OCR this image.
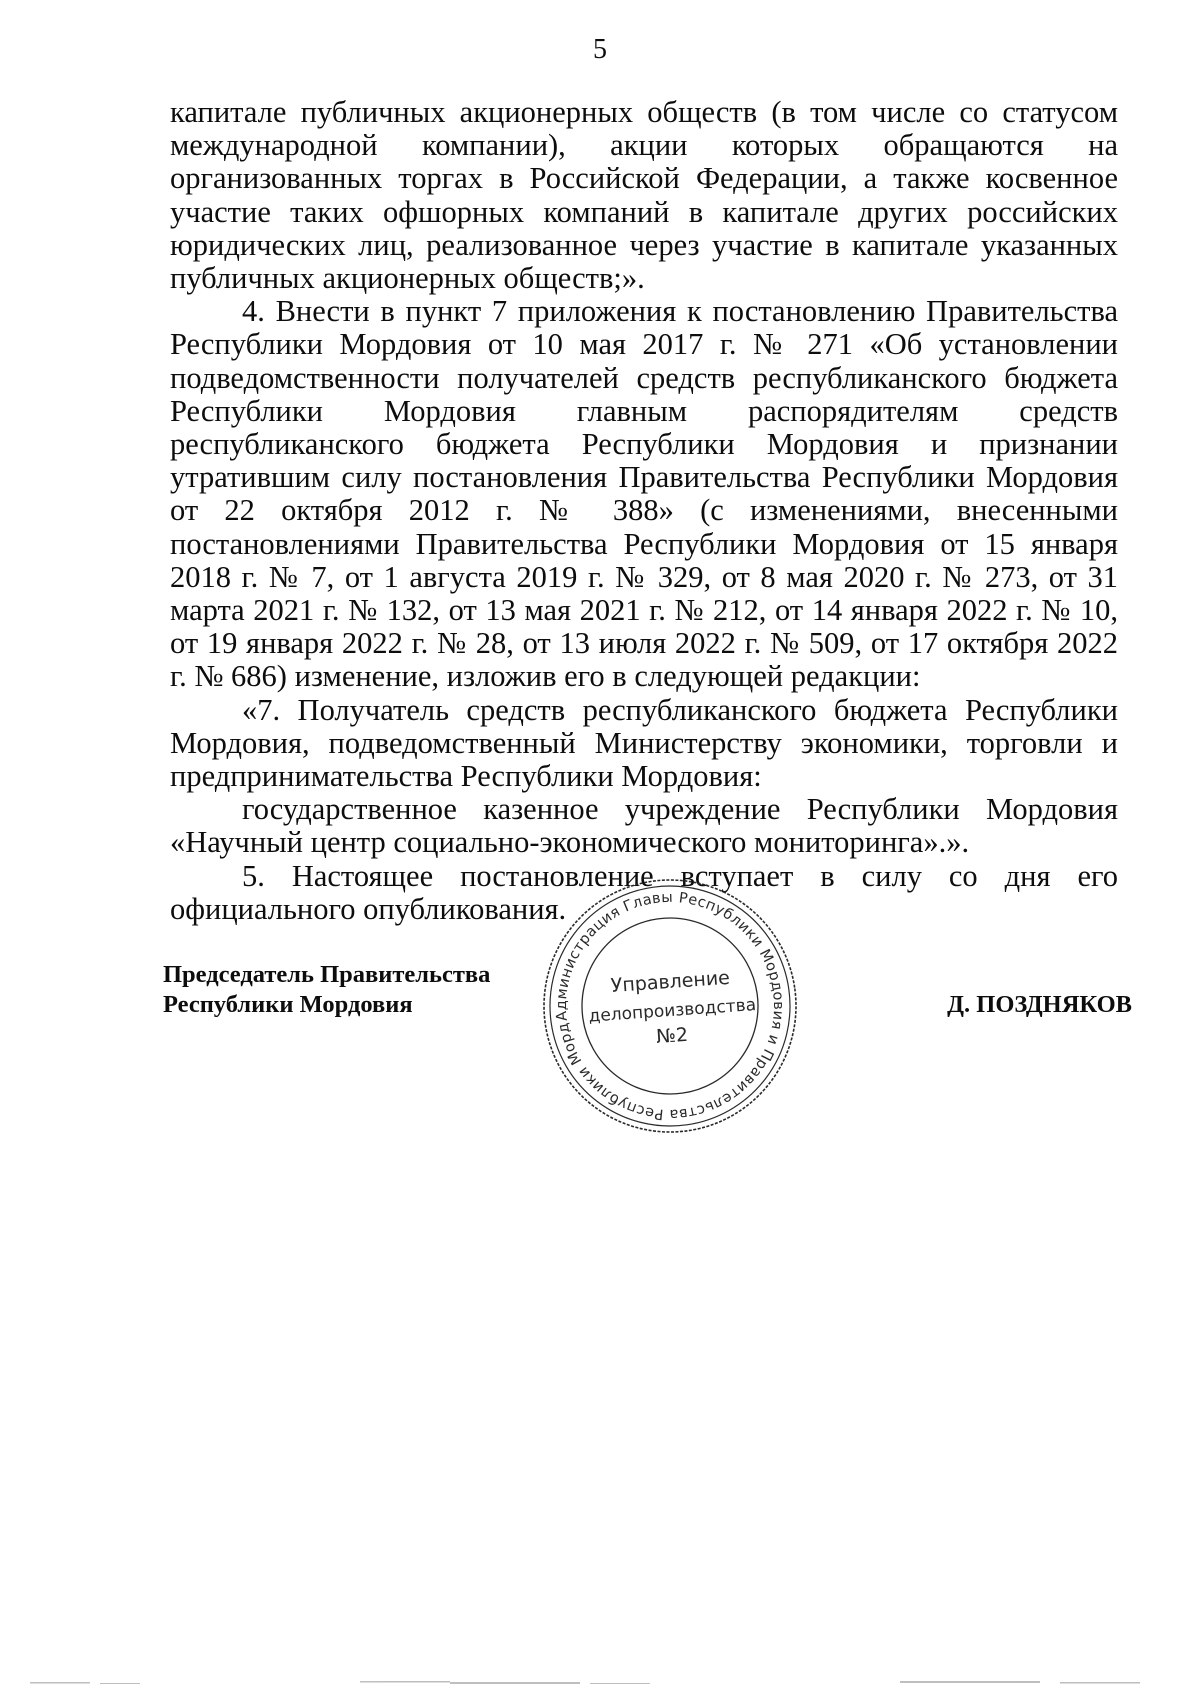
5

капитале публичных акционерных обществ (в том числе со статусом международной компании), акции которых обращаются на организованных торгах в Российской Федерации, а также косвенное участие таких офшорных компаний в капитале других российских юридических лиц, реализованное через участие в капитале указанных публичных акционерных обществ;».

4. Внести в пункт 7 приложения к постановлению Правительства Республики Мордовия от 10 мая 2017 г. № 271 «Об установлении подведомственности получателей средств республиканского бюджета Республики Мордовия главным распорядителям средств республиканского бюджета Республики Мордовия и признании утратившим силу постановления Правительства Республики Мордовия от 22 октября 2012 г. № 388» (с изменениями, внесенными постановлениями Правительства Республики Мордовия от 15 января 2018 г. № 7, от 1 августа 2019 г. № 329, от 8 мая 2020 г. № 273, от 31 марта 2021 г. № 132, от 13 мая 2021 г. № 212, от 14 января 2022 г. № 10, от 19 января 2022 г. № 28, от 13 июля 2022 г. № 509, от 17 октября 2022 г. № 686) изменение, изложив его в следующей редакции:

«7. Получатель средств республиканского бюджета Республики Мордовия, подведомственный Министерству экономики, торговли и предпринимательства Республики Мордовия:

государственное казенное учреждение Республики Мордовия «Научный центр социально-экономического мониторинга».».

5. Настоящее постановление вступает в силу со дня его официального опубликования.

Председатель Правительства
Республики Мордовия	Д. ПОЗДНЯКОВ
Администрация Главы Республики Мордовия и Правительства Республики Мордовия
Управление
делопроизводства
№2
